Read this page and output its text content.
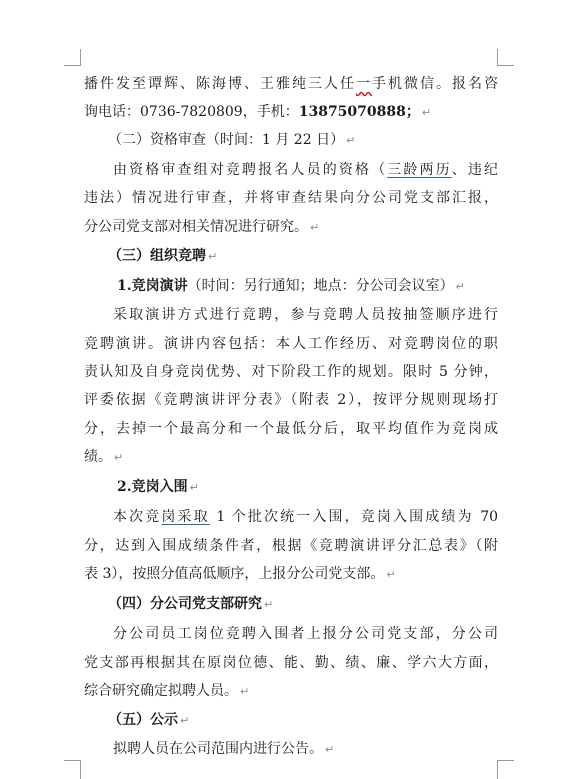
播件发至谭辉、陈海博、王雅纯三人任一手机微信。报名咨
询电话：0736-7820809，手机：13875070888； ↵
（二）资格审查（时间：1 月 22 日） ↵
由资格审查组对竞聘报名人员的资格（三龄两历、违纪
违法）情况进行审查，并将审查结果向分公司党支部汇报，
分公司党支部对相关情况进行研究。 ↵
（三）组织竞聘 ↵
1.竞岗演讲（时间：另行通知；地点：分公司会议室） ↵
采取演讲方式进行竞聘，参与竞聘人员按抽签顺序进行
竞聘演讲。演讲内容包括：本人工作经历、对竞聘岗位的职
责认知及自身竞岗优势、对下阶段工作的规划。限时 5 分钟，
评委依据《竞聘演讲评分表》（附表 2），按评分规则现场打
分，去掉一个最高分和一个最低分后，取平均值作为竞岗成
绩。 ↵
2.竞岗入围 ↵
本次竞岗采取 1 个批次统一入围，竞岗入围成绩为 70
分，达到入围成绩条件者，根据《竞聘演讲评分汇总表》（附
表 3），按照分值高低顺序，上报分公司党支部。 ↵
（四）分公司党支部研究 ↵
分公司员工岗位竞聘入围者上报分公司党支部，分公司
党支部再根据其在原岗位德、能、勤、绩、廉、学六大方面，
综合研究确定拟聘人员。 ↵
（五）公示 ↵
拟聘人员在公司范围内进行公告。 ↵
